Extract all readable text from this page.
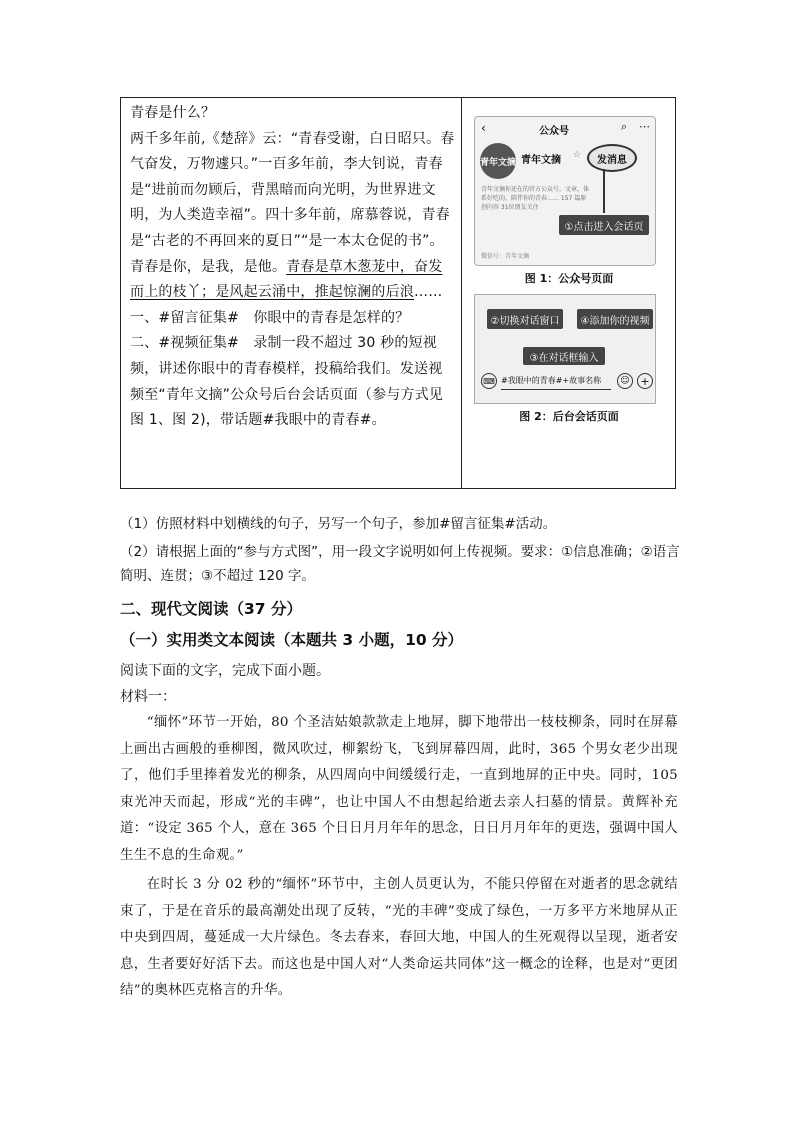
青春是什么？

两千多年前,《楚辞》云：“青春受谢，白日昭只。春气奋发，万物遽只。”一百多年前，李大钊说，青春是“进前而勿顾后，背黑暗而向光明，为世界进文明，为人类造幸福”。四十多年前，席慕蓉说，青春是“古老的不再回来的夏日”“是一本太仓促的书”。

青春是你，是我，是他。青春是草木葱茏中，奋发而上的枝丫；是风起云涌中，推起惊澜的后浪……

一、#留言征集#　你眼中的青春是怎样的？

二、#视频征集#　录制一段不超过 30 秒的短视频，讲述你眼中的青春模样，投稿给我们。发送视频至“青年文摘”公众号后台会话页面（参与方式见图 1、图 2)，带话题#我眼中的青春#。

‹	公众号	⌕ ⋯
青年文摘 青年文摘 ☆	发消息
青年文摘你还在的官方公众号。文章，体系好吃的，陪伴你的青春…… 157 篇原创内容 31位朋友关注
①点击进入会话页
微信号：青年文摘
图 1：公众号页面
②切换对话窗口	④添加你的视频
③在对话框输入
⌨ #我眼中的青春#+故事名称	☺ +
图 2：后台会话页面

（1）仿照材料中划横线的句子，另写一个句子，参加#留言征集#活动。

（2）请根据上面的“参与方式图”，用一段文字说明如何上传视频。要求：①信息准确；②语言简明、连贯；③不超过 120 字。

二、现代文阅读（37 分）

（一）实用类文本阅读（本题共 3 小题，10 分）

阅读下面的文字，完成下面小题。

材料一：

“缅怀”环节一开始，80 个圣洁姑娘款款走上地屏，脚下地带出一枝枝柳条，同时在屏幕上画出古画般的垂柳图，微风吹过，柳絮纷飞，飞到屏幕四周，此时，365 个男女老少出现了，他们手里捧着发光的柳条，从四周向中间缓缓行走，一直到地屏的正中央。同时，105 束光冲天而起，形成“光的丰碑”，也让中国人不由想起给逝去亲人扫墓的情景。黄辉补充道：“设定 365 个人，意在 365 个日日月月年年的思念，日日月月年年的更迭，强调中国人生生不息的生命观。”

在时长 3 分 02 秒的“缅怀”环节中，主创人员更认为，不能只停留在对逝者的思念就结束了，于是在音乐的最高潮处出现了反转，“光的丰碑”变成了绿色，一万多平方米地屏从正中央到四周，蔓延成一大片绿色。冬去春来，春回大地，中国人的生死观得以呈现，逝者安息，生者要好好活下去。而这也是中国人对“人类命运共同体”这一概念的诠释，也是对“更团结”的奥林匹克格言的升华。
